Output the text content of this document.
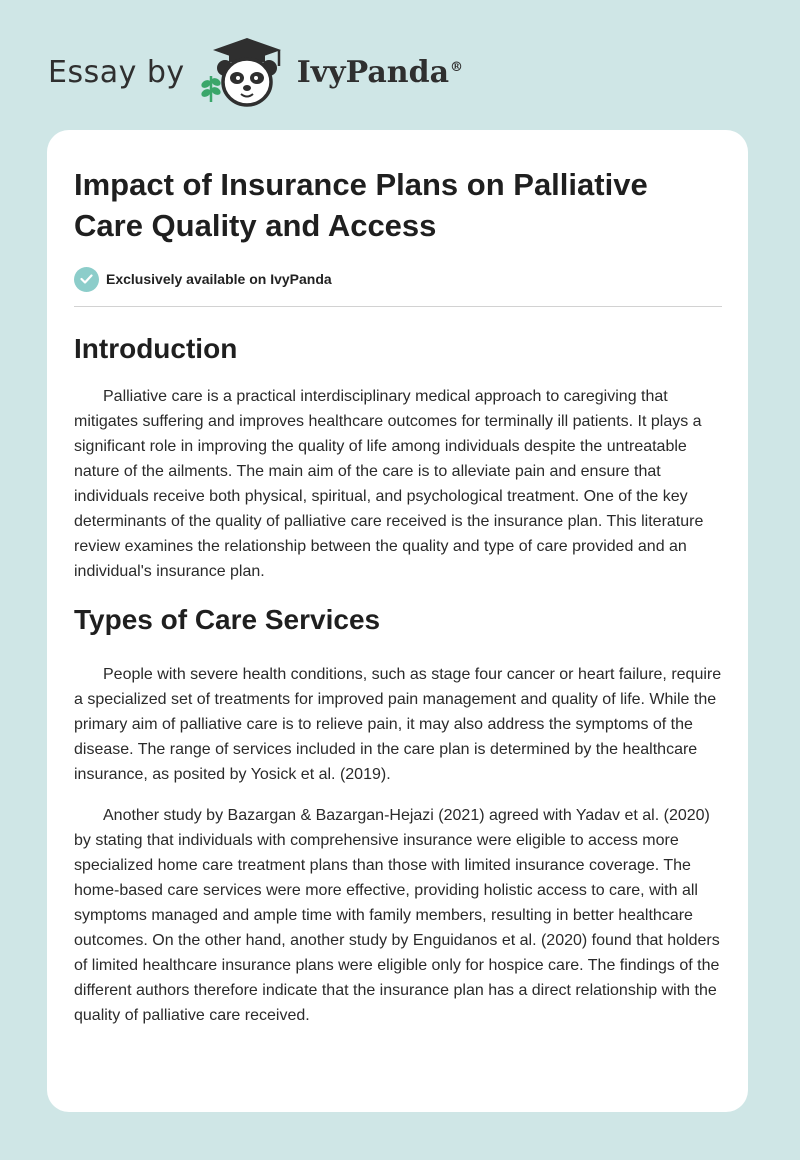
Essay by	IvyPanda®
Impact of Insurance Plans on Palliative Care Quality and Access
Exclusively available on IvyPanda
Introduction

Palliative care is a practical interdisciplinary medical approach to caregiving that mitigates suffering and improves healthcare outcomes for terminally ill patients. It plays a significant role in improving the quality of life among individuals despite the untreatable nature of the ailments. The main aim of the care is to alleviate pain and ensure that individuals receive both physical, spiritual, and psychological treatment. One of the key determinants of the quality of palliative care received is the insurance plan. This literature review examines the relationship between the quality and type of care provided and an individual's insurance plan.

Types of Care Services

People with severe health conditions, such as stage four cancer or heart failure, require a specialized set of treatments for improved pain management and quality of life. While the primary aim of palliative care is to relieve pain, it may also address the symptoms of the disease. The range of services included in the care plan is determined by the healthcare insurance, as posited by Yosick et al. (2019).

Another study by Bazargan & Bazargan-Hejazi (2021) agreed with Yadav et al. (2020) by stating that individuals with comprehensive insurance were eligible to access more specialized home care treatment plans than those with limited insurance coverage. The home-based care services were more effective, providing holistic access to care, with all symptoms managed and ample time with family members, resulting in better healthcare outcomes. On the other hand, another study by Enguidanos et al. (2020) found that holders of limited healthcare insurance plans were eligible only for hospice care. The findings of the different authors therefore indicate that the insurance plan has a direct relationship with the quality of palliative care received.
